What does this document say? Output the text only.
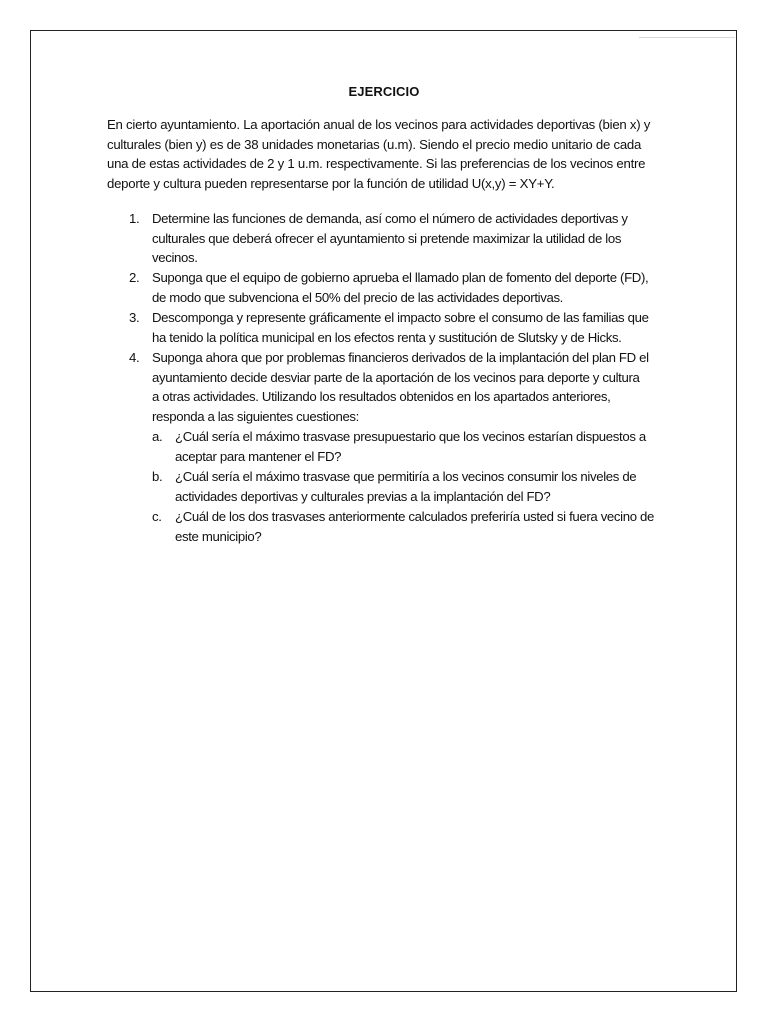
EJERCICIO
En cierto ayuntamiento. La aportación anual de los vecinos para actividades deportivas (bien x) y
culturales (bien y) es de 38 unidades monetarias (u.m). Siendo el precio medio unitario de cada
una de estas actividades de 2 y 1 u.m. respectivamente. Si las preferencias de los vecinos entre
deporte y cultura pueden representarse por la función de utilidad U(x,y) = XY+Y.
1. Determine las funciones de demanda, así como el número de actividades deportivas y
culturales que deberá ofrecer el ayuntamiento si pretende maximizar la utilidad de los
vecinos.
2. Suponga que el equipo de gobierno aprueba el llamado plan de fomento del deporte (FD),
de modo que subvenciona el 50% del precio de las actividades deportivas.
3. Descomponga y represente gráficamente el impacto sobre el consumo de las familias que
ha tenido la política municipal en los efectos renta y sustitución de Slutsky y de Hicks.
4. Suponga ahora que por problemas financieros derivados de la implantación del plan FD el
ayuntamiento decide desviar parte de la aportación de los vecinos para deporte y cultura
a otras actividades. Utilizando los resultados obtenidos en los apartados anteriores,
responda a las siguientes cuestiones:
a. ¿Cuál sería el máximo trasvase presupuestario que los vecinos estarían dispuestos a
aceptar para mantener el FD?
b. ¿Cuál sería el máximo trasvase que permitiría a los vecinos consumir los niveles de
actividades deportivas y culturales previas a la implantación del FD?
c. ¿Cuál de los dos trasvases anteriormente calculados preferiría usted si fuera vecino de
este municipio?
